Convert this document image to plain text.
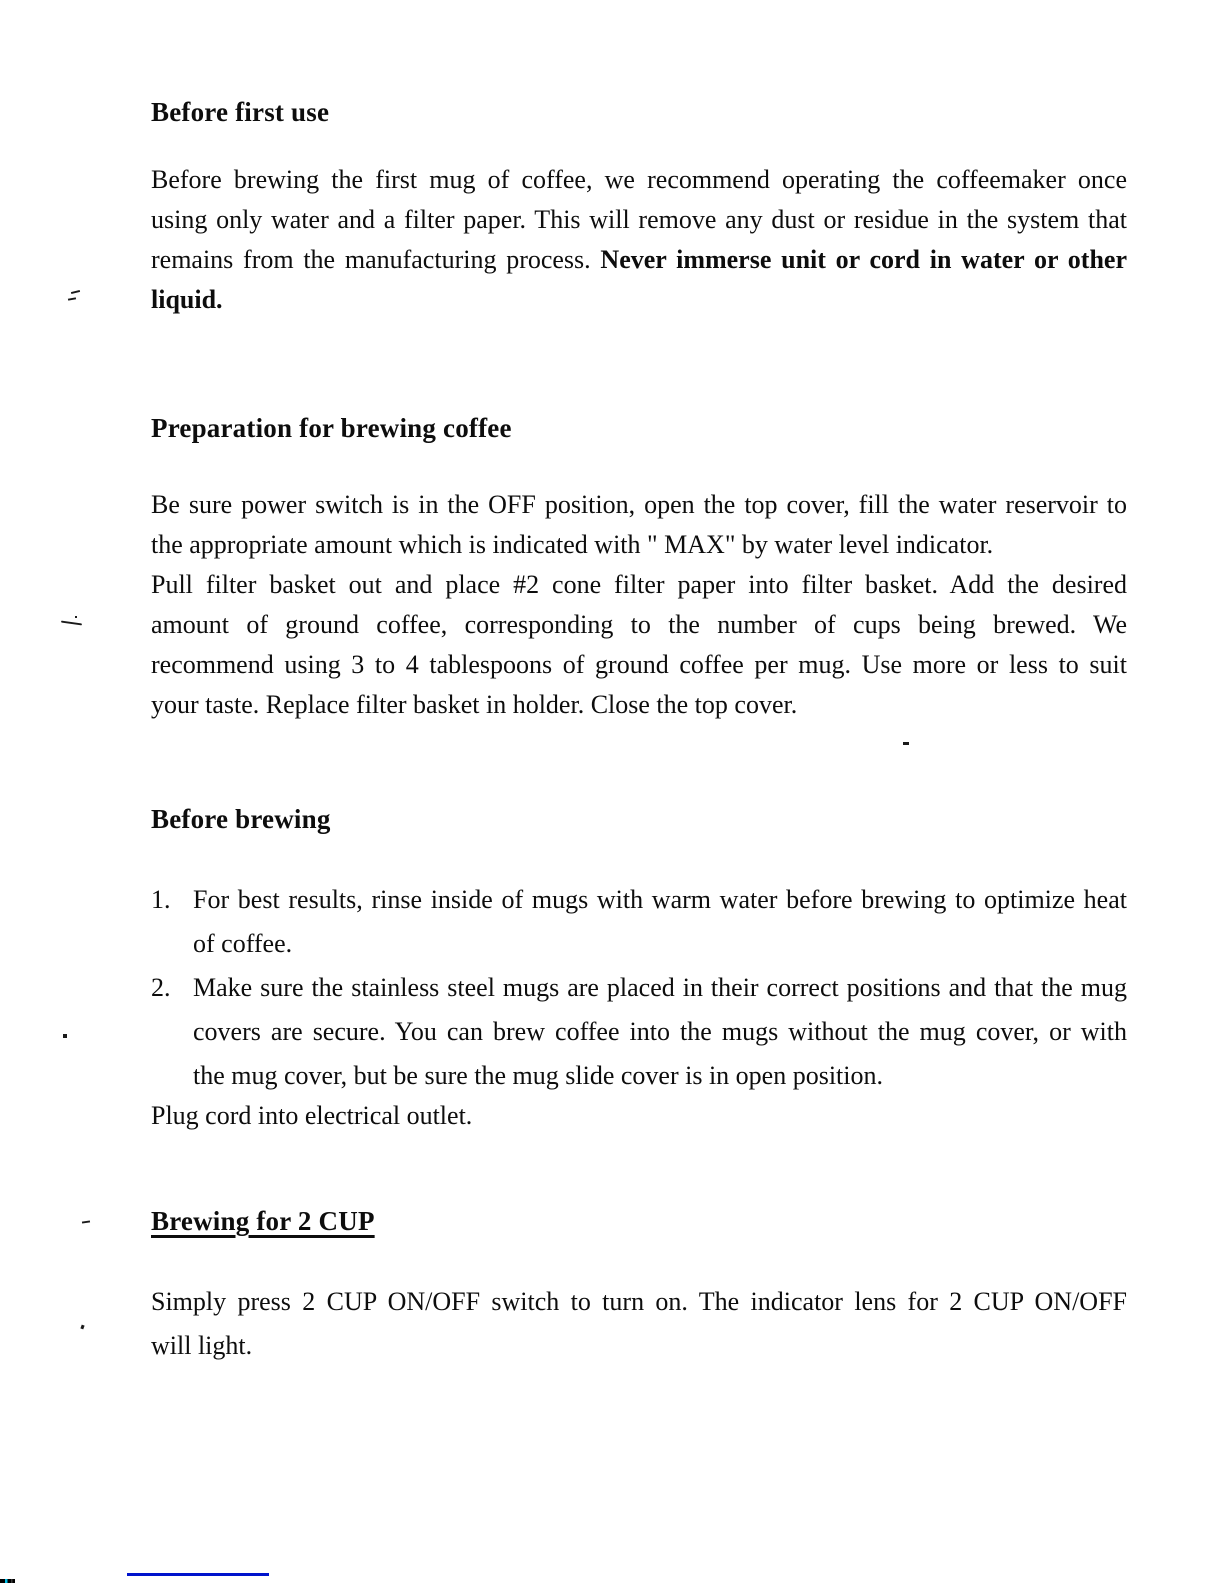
Before first use
Before brewing the first mug of coffee, we recommend operating the coffeemaker once
using only water and a filter paper. This will remove any dust or residue in the system that
remains from the manufacturing process. Never immerse unit or cord in water or other
liquid.
Preparation for brewing coffee
Be sure power switch is in the OFF position, open the top cover, fill the water reservoir to
the appropriate amount which is indicated with " MAX" by water level indicator.
Pull filter basket out and place #2 cone filter paper into filter basket. Add the desired
amount of ground coffee, corresponding to the number of cups being brewed. We
recommend using 3 to 4 tablespoons of ground coffee per mug. Use more or less to suit
your taste. Replace filter basket in holder. Close the top cover.
Before brewing
1. For best results, rinse inside of mugs with warm water before brewing to optimize heat
of coffee.
2. Make sure the stainless steel mugs are placed in their correct positions and that the mug
covers are secure. You can brew coffee into the mugs without the mug cover, or with
the mug cover, but be sure the mug slide cover is in open position.
Plug cord into electrical outlet.
Brewing for 2 CUP
Simply press 2 CUP ON/OFF switch to turn on. The indicator lens for 2 CUP ON/OFF
will light.
